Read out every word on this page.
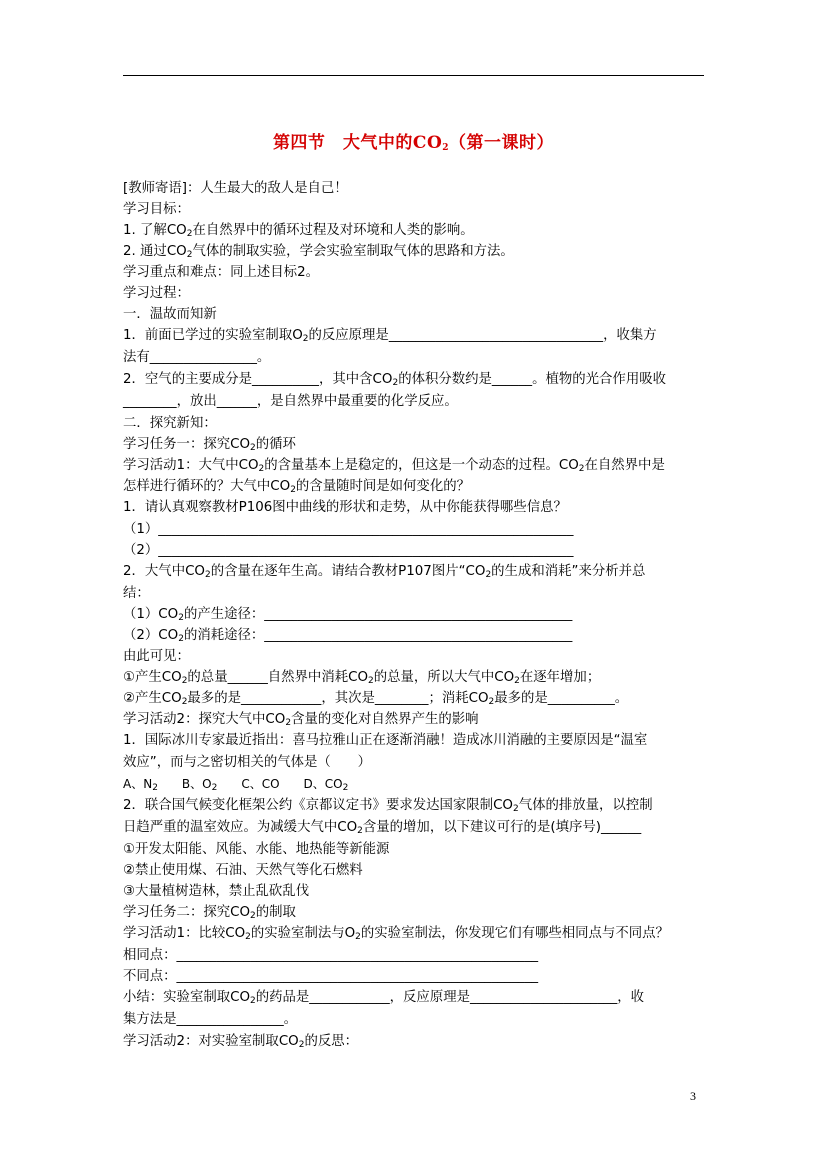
第四节　大气中的$CO_2$（第一课时）
[教师寄语]：人生最大的敌人是自己！
学习目标：
1. 了解$CO_2$在自然界中的循环过程及对环境和人类的影响。
2. 通过$CO_2$气体的制取实验，学会实验室制取气体的思路和方法。
学习重点和难点：同上述目标2。
学习过程：
一．温故而知新
1．前面已学过的实验室制取$O_2$的反应原理是________________________________，收集方
法有________________。
2．空气的主要成分是__________，其中含$CO_2$的体积分数约是______。植物的光合作用吸收
________，放出______，是自然界中最重要的化学反应。
二．探究新知：
学习任务一：探究$CO_2$的循环
学习活动1：大气中$CO_2$的含量基本上是稳定的，但这是一个动态的过程。$CO_2$在自然界中是
怎样进行循环的？大气中$CO_2$的含量随时间是如何变化的？
1．请认真观察教材P106图中曲线的形状和走势，从中你能获得哪些信息？
（1）______________________________________________________________
（2）______________________________________________________________
2．大气中$CO_2$的含量在逐年生高。请结合教材P107图片“$CO_2$的生成和消耗”来分析并总
结：
$(1)CO_2$的产生途径：______________________________________________
$(2)CO_2$的消耗途径：______________________________________________
由此可见：
①产生$CO_2$的总量______自然界中消耗$CO_2$的总量，所以大气中$CO_2$在逐年增加；
②产生$CO_2$最多的是____________，其次是________；消耗$CO_2$最多的是__________。
学习活动2：探究大气中$CO_2$含量的变化对自然界产生的影响
1．国际冰川专家最近指出：喜马拉雅山正在逐渐消融！造成冰川消融的主要原因是“温室
效应”，而与之密切相关的气体是（　　）
A、$N_2$　　B、$O_2$　　C、CO　　D、$CO_2$
2．联合国气候变化框架公约《京都议定书》要求发达国家限制$CO_2$气体的排放量，以控制
日趋严重的温室效应。为减缓大气中$CO_2$含量的增加，以下建议可行的是(填序号)______
①开发太阳能、风能、水能、地热能等新能源
②禁止使用煤、石油、天然气等化石燃料
③大量植树造林，禁止乱砍乱伐
学习任务二：探究$CO_2$的制取
学习活动1：比较$CO_2$的实验室制法与$O_2$的实验室制法，你发现它们有哪些相同点与不同点？
相同点：______________________________________________________
不同点：______________________________________________________
小结：实验室制取$CO_2$的药品是____________，反应原理是______________________，收
集方法是________________。
学习活动2：对实验室制取$CO_2$的反思：
3
